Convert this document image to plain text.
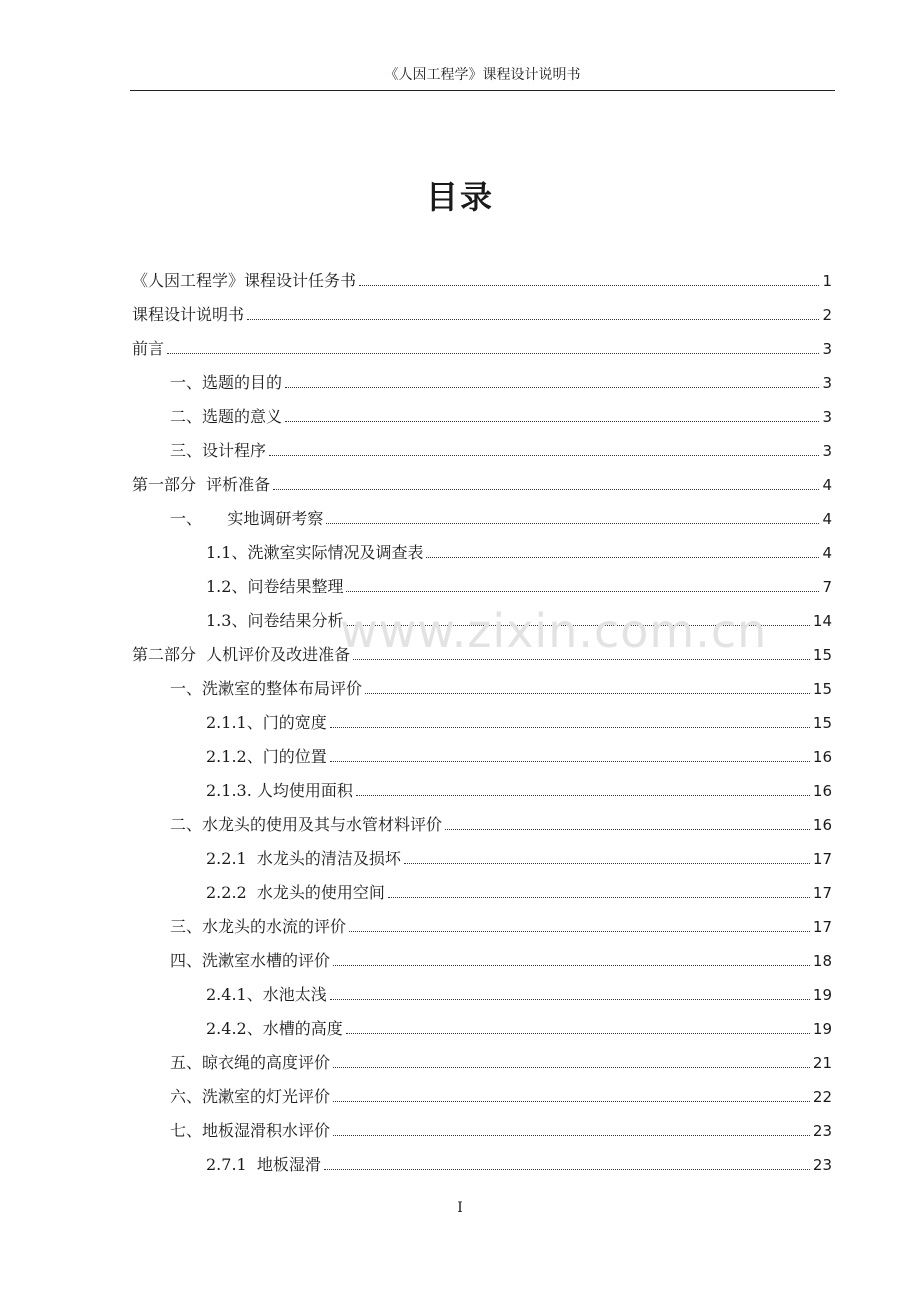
《人因工程学》课程设计说明书
目录
《人因工程学》课程设计任务书	1
课程设计说明书	2
前言	3
一、选题的目的	3
二、选题的意义	3
三、设计程序	3
第一部分  评析准备	4
一、     实地调研考察	4
1.1、洗漱室实际情况及调查表	4
1.2、问卷结果整理	7
1.3、问卷结果分析	14
第二部分  人机评价及改进准备	15
一、洗漱室的整体布局评价	15
2.1.1、门的宽度	15
2.1.2、门的位置	16
2.1.3. 人均使用面积	16
二、水龙头的使用及其与水管材料评价	16
2.2.1  水龙头的清洁及损坏	17
2.2.2  水龙头的使用空间	17
三、水龙头的水流的评价	17
四、洗漱室水槽的评价	18
2.4.1、水池太浅	19
2.4.2、水槽的高度	19
五、晾衣绳的高度评价	21
六、洗漱室的灯光评价	22
七、地板湿滑积水评价	23
2.7.1  地板湿滑	23
www.zixin.com.cn
I
